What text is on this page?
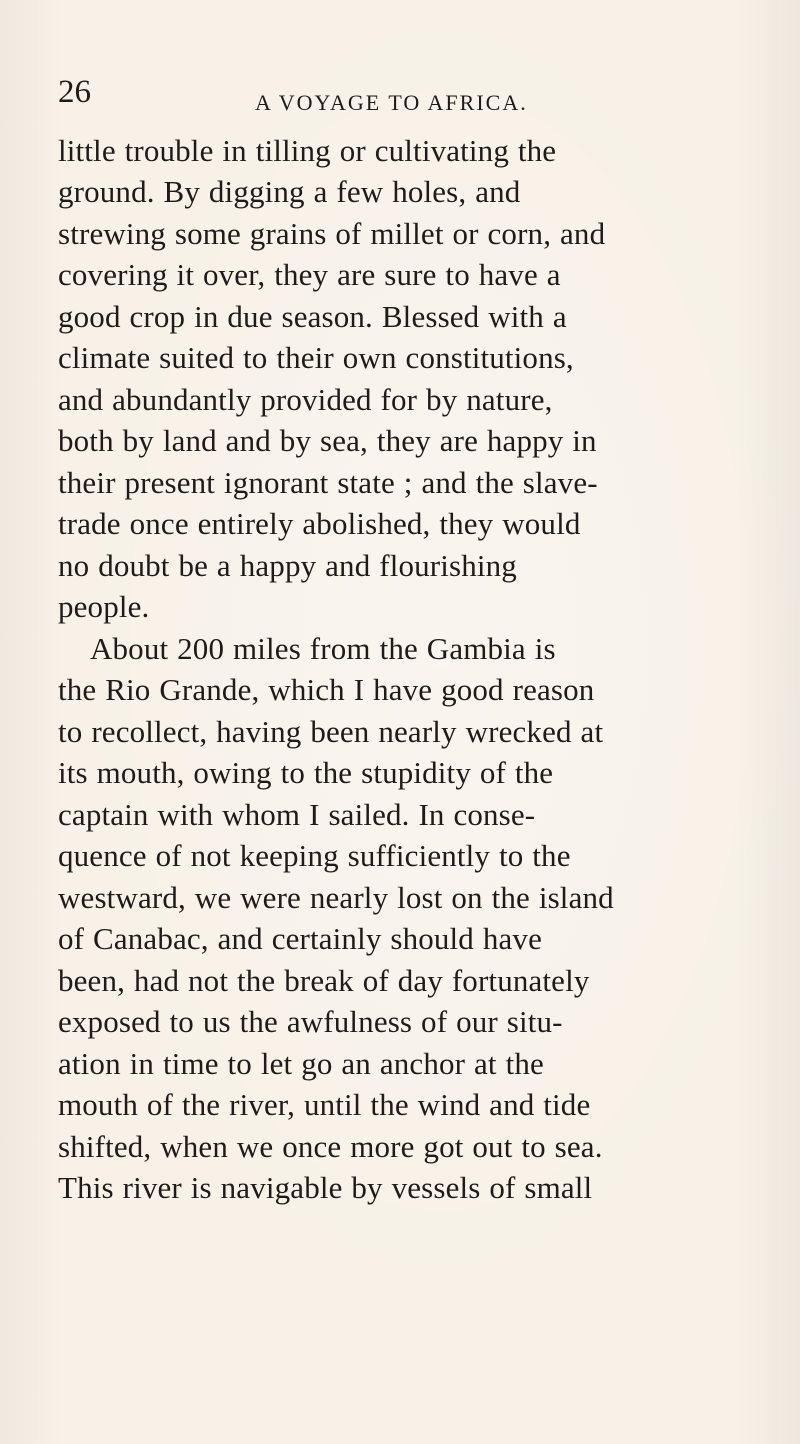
26	A VOYAGE TO AFRICA.
little trouble in tilling or cultivating the
ground. By digging a few holes, and
strewing some grains of millet or corn, and
covering it over, they are sure to have a
good crop in due season. Blessed with a
climate suited to their own constitutions,
and abundantly provided for by nature,
both by land and by sea, they are happy in
their present ignorant state ; and the slave-
trade once entirely abolished, they would
no doubt be a happy and flourishing
people.
About 200 miles from the Gambia is
the Rio Grande, which I have good reason
to recollect, having been nearly wrecked at
its mouth, owing to the stupidity of the
captain with whom I sailed. In conse-
quence of not keeping sufficiently to the
westward, we were nearly lost on the island
of Canabac, and certainly should have
been, had not the break of day fortunately
exposed to us the awfulness of our situ-
ation in time to let go an anchor at the
mouth of the river, until the wind and tide
shifted, when we once more got out to sea.
This river is navigable by vessels of small
